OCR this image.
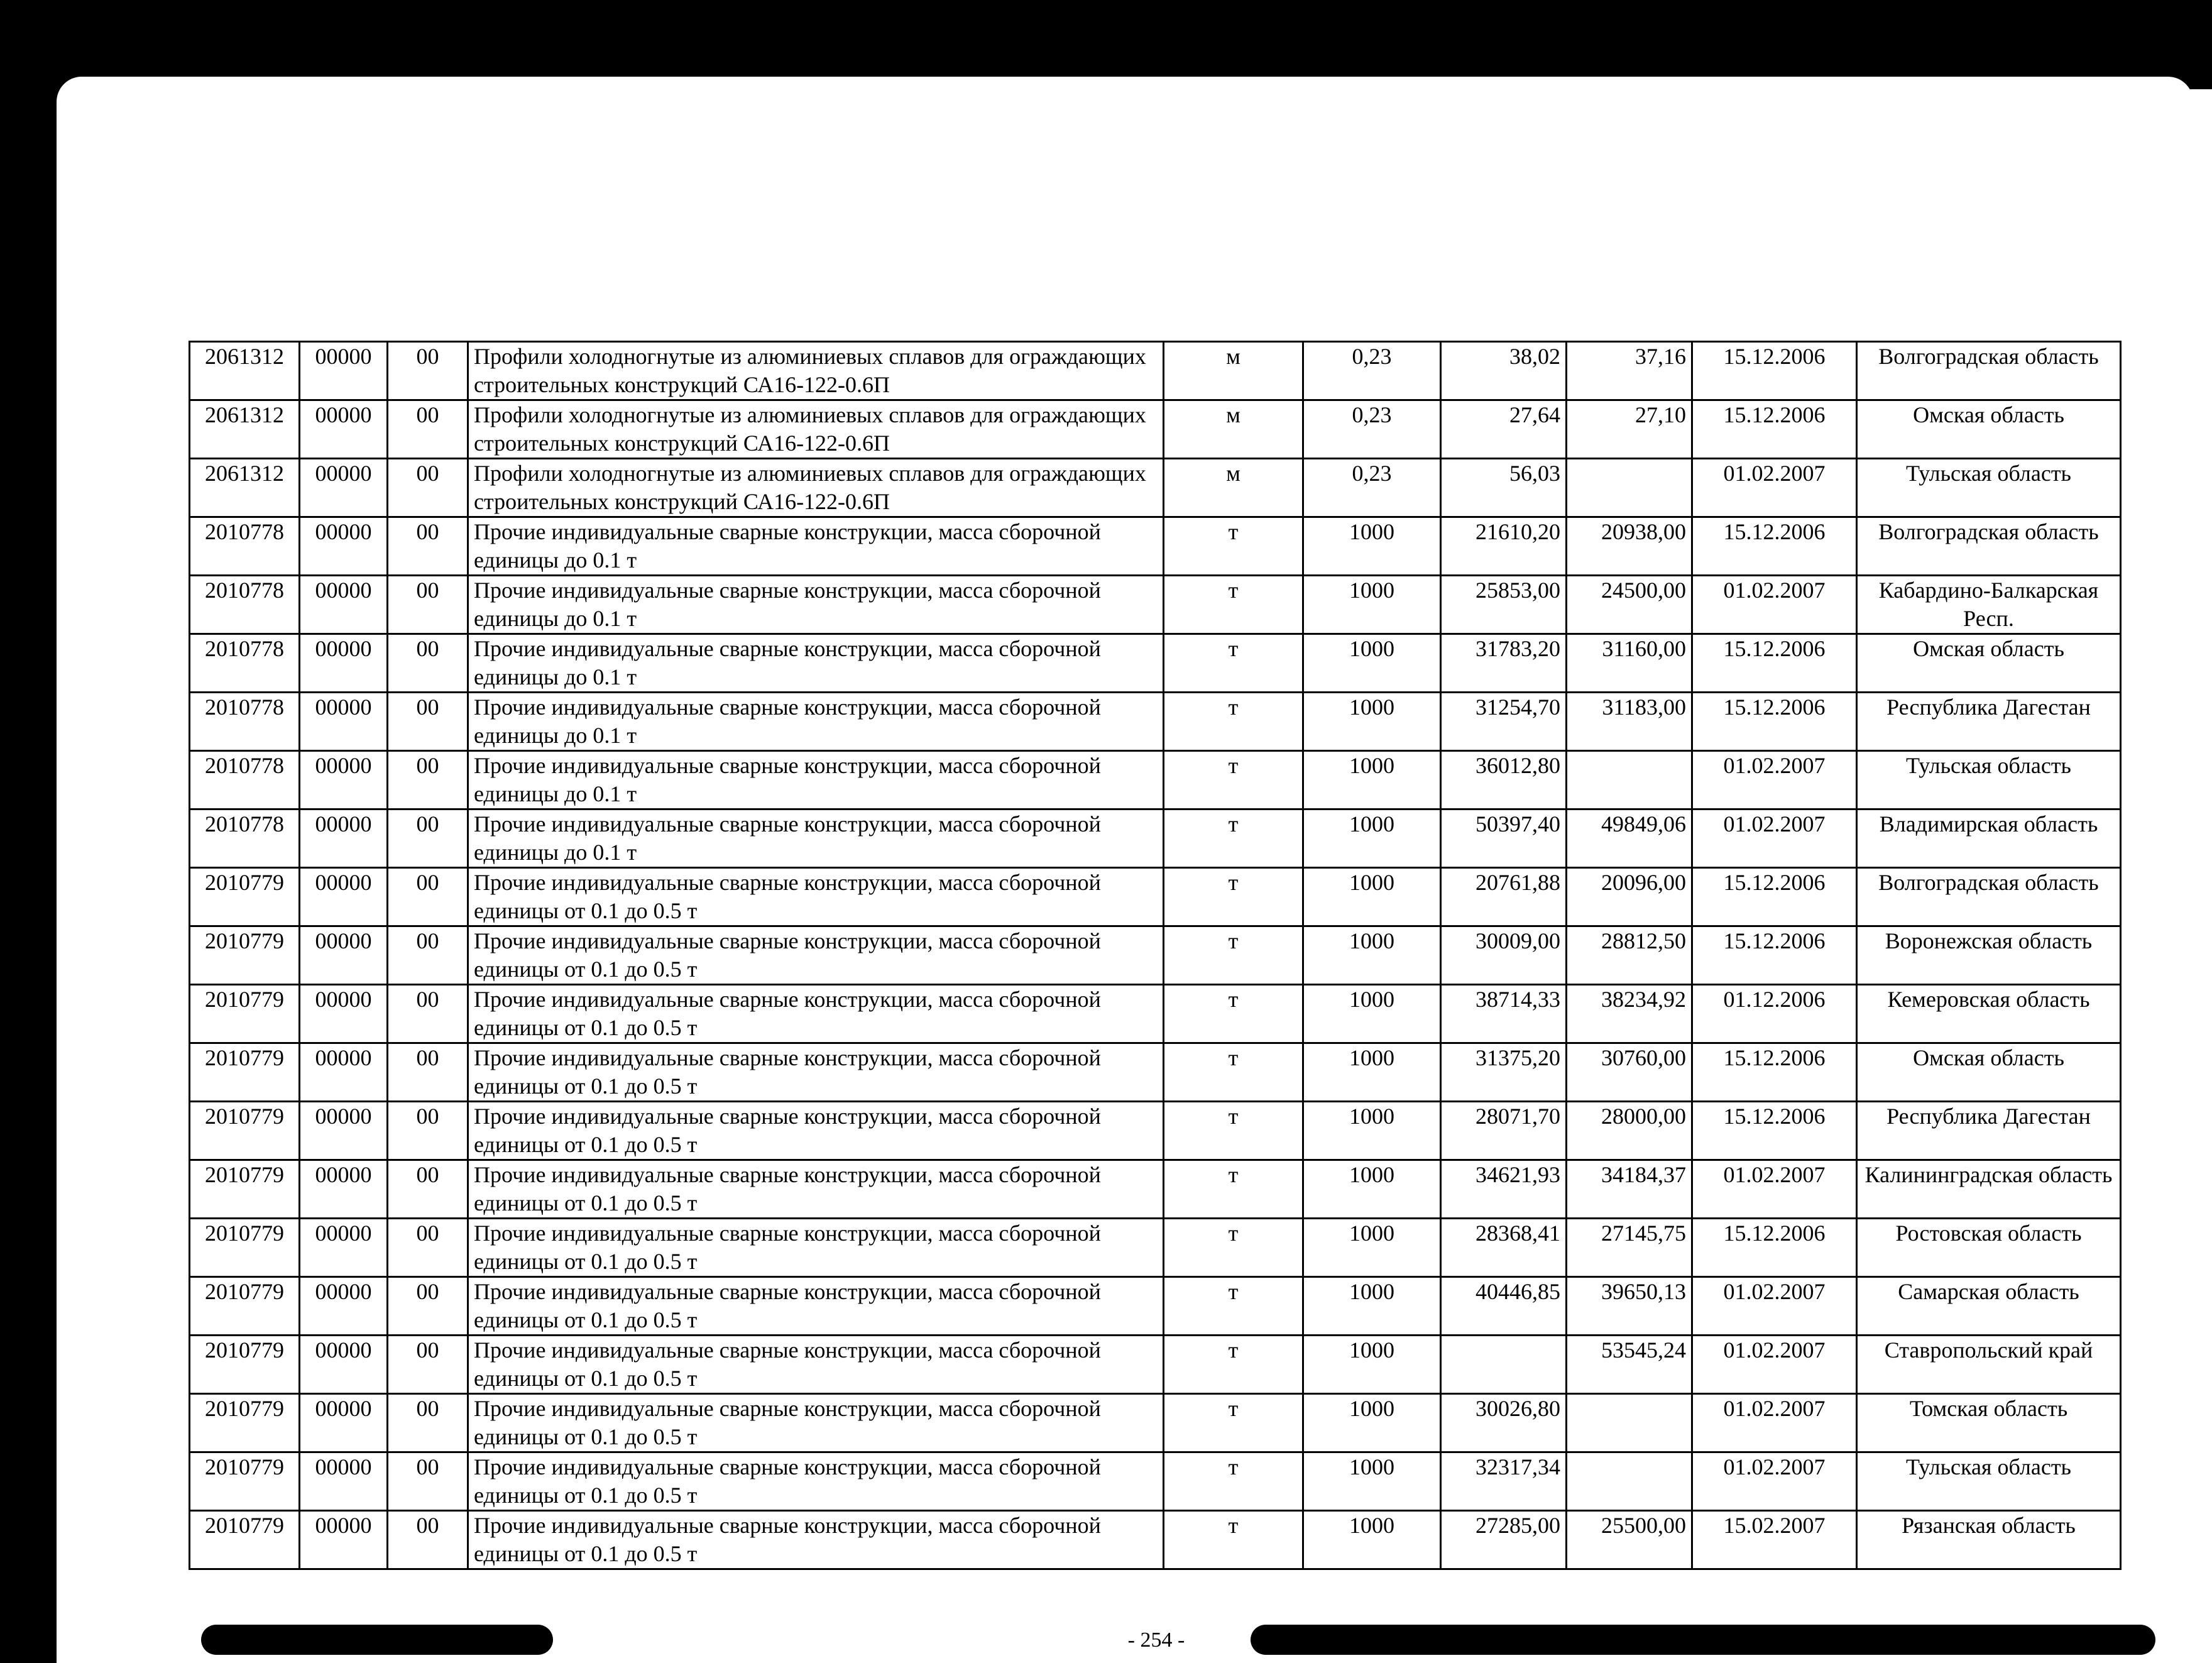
2061312	00000	00	Профили холодногнутые из алюминиевых сплавов для ограждающих строительных конструкций СА16-122-0.6П	м	0,23	38,02	37,16	15.12.2006	Волгоградская область
2061312	00000	00	Профили холодногнутые из алюминиевых сплавов для ограждающих строительных конструкций СА16-122-0.6П	м	0,23	27,64	27,10	15.12.2006	Омская область
2061312	00000	00	Профили холодногнутые из алюминиевых сплавов для ограждающих строительных конструкций СА16-122-0.6П	м	0,23	56,03		01.02.2007	Тульская область
2010778	00000	00	Прочие индивидуальные сварные конструкции, масса сборочной единицы до 0.1 т	т	1000	21610,20	20938,00	15.12.2006	Волгоградская область
2010778	00000	00	Прочие индивидуальные сварные конструкции, масса сборочной единицы до 0.1 т	т	1000	25853,00	24500,00	01.02.2007	Кабардино-Балкарская Респ.
2010778	00000	00	Прочие индивидуальные сварные конструкции, масса сборочной единицы до 0.1 т	т	1000	31783,20	31160,00	15.12.2006	Омская область
2010778	00000	00	Прочие индивидуальные сварные конструкции, масса сборочной единицы до 0.1 т	т	1000	31254,70	31183,00	15.12.2006	Республика Дагестан
2010778	00000	00	Прочие индивидуальные сварные конструкции, масса сборочной единицы до 0.1 т	т	1000	36012,80		01.02.2007	Тульская область
2010778	00000	00	Прочие индивидуальные сварные конструкции, масса сборочной единицы до 0.1 т	т	1000	50397,40	49849,06	01.02.2007	Владимирская область
2010779	00000	00	Прочие индивидуальные сварные конструкции, масса сборочной единицы от 0.1 до 0.5 т	т	1000	20761,88	20096,00	15.12.2006	Волгоградская область
2010779	00000	00	Прочие индивидуальные сварные конструкции, масса сборочной единицы от 0.1 до 0.5 т	т	1000	30009,00	28812,50	15.12.2006	Воронежская область
2010779	00000	00	Прочие индивидуальные сварные конструкции, масса сборочной единицы от 0.1 до 0.5 т	т	1000	38714,33	38234,92	01.12.2006	Кемеровская область
2010779	00000	00	Прочие индивидуальные сварные конструкции, масса сборочной единицы от 0.1 до 0.5 т	т	1000	31375,20	30760,00	15.12.2006	Омская область
2010779	00000	00	Прочие индивидуальные сварные конструкции, масса сборочной единицы от 0.1 до 0.5 т	т	1000	28071,70	28000,00	15.12.2006	Республика Дагестан
2010779	00000	00	Прочие индивидуальные сварные конструкции, масса сборочной единицы от 0.1 до 0.5 т	т	1000	34621,93	34184,37	01.02.2007	Калининградская область
2010779	00000	00	Прочие индивидуальные сварные конструкции, масса сборочной единицы от 0.1 до 0.5 т	т	1000	28368,41	27145,75	15.12.2006	Ростовская область
2010779	00000	00	Прочие индивидуальные сварные конструкции, масса сборочной единицы от 0.1 до 0.5 т	т	1000	40446,85	39650,13	01.02.2007	Самарская область
2010779	00000	00	Прочие индивидуальные сварные конструкции, масса сборочной единицы от 0.1 до 0.5 т	т	1000		53545,24	01.02.2007	Ставропольский край
2010779	00000	00	Прочие индивидуальные сварные конструкции, масса сборочной единицы от 0.1 до 0.5 т	т	1000	30026,80		01.02.2007	Томская область
2010779	00000	00	Прочие индивидуальные сварные конструкции, масса сборочной единицы от 0.1 до 0.5 т	т	1000	32317,34		01.02.2007	Тульская область
2010779	00000	00	Прочие индивидуальные сварные конструкции, масса сборочной единицы от 0.1 до 0.5 т	т	1000	27285,00	25500,00	15.02.2007	Рязанская область
- 254 -
